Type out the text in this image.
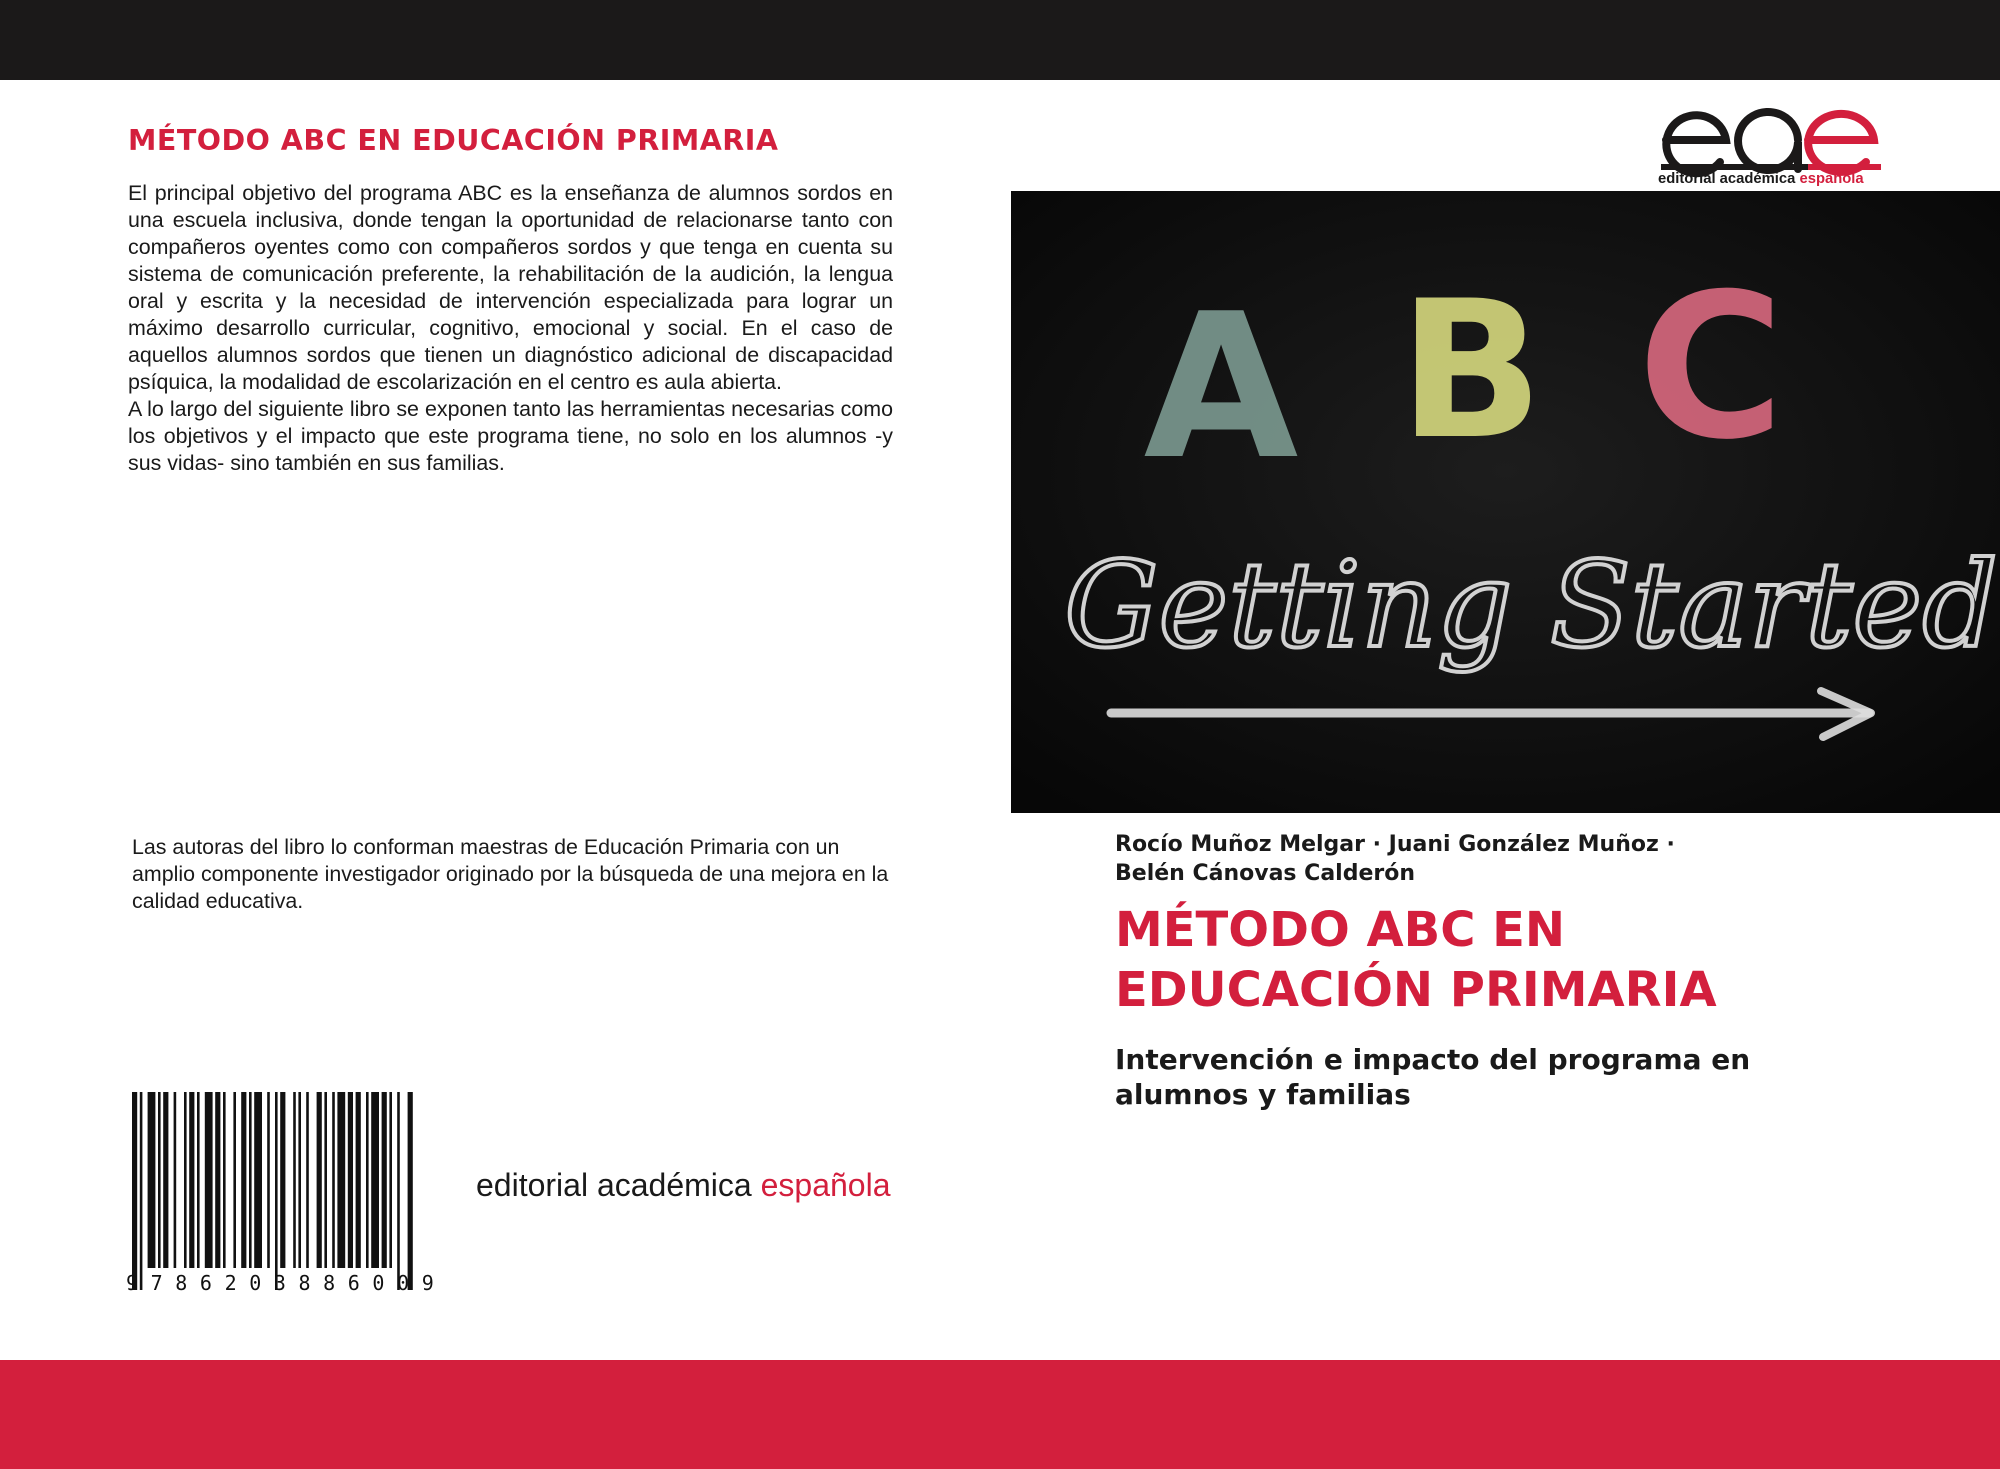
MÉTODO ABC EN EDUCACIÓN PRIMARIA

El principal objetivo del programa ABC es la enseñanza de alumnos sordos en una escuela inclusiva, donde tengan la oportunidad de relacionarse tanto con compañeros oyentes como con compañeros sordos y que tenga en cuenta su sistema de comunicación preferente, la rehabilitación de la audición, la lengua oral y escrita y la necesidad de intervención especializada para lograr un máximo desarrollo curricular, cognitivo, emocional y social. En el caso de aquellos alumnos sordos que tienen un diagnóstico adicional de discapacidad psíquica, la modalidad de escolarización en el centro es aula abierta.

A lo largo del siguiente libro se exponen tanto las herramientas necesarias como los objetivos y el impacto que este programa tiene, no solo en los alumnos -y sus vidas- sino también en sus familias.

Las autoras del libro lo conforman maestras de Educación Primaria con un amplio componente investigador originado por la búsqueda de una mejora en la calidad educativa.
9786203886009
editorial académica española
editorial académica española
A B C
Getting Started
Rocío Muñoz Melgar · Juani González Muñoz ·
Belén Cánovas Calderón
MÉTODO ABC EN
EDUCACIÓN PRIMARIA
Intervención e impacto del programa en
alumnos y familias
